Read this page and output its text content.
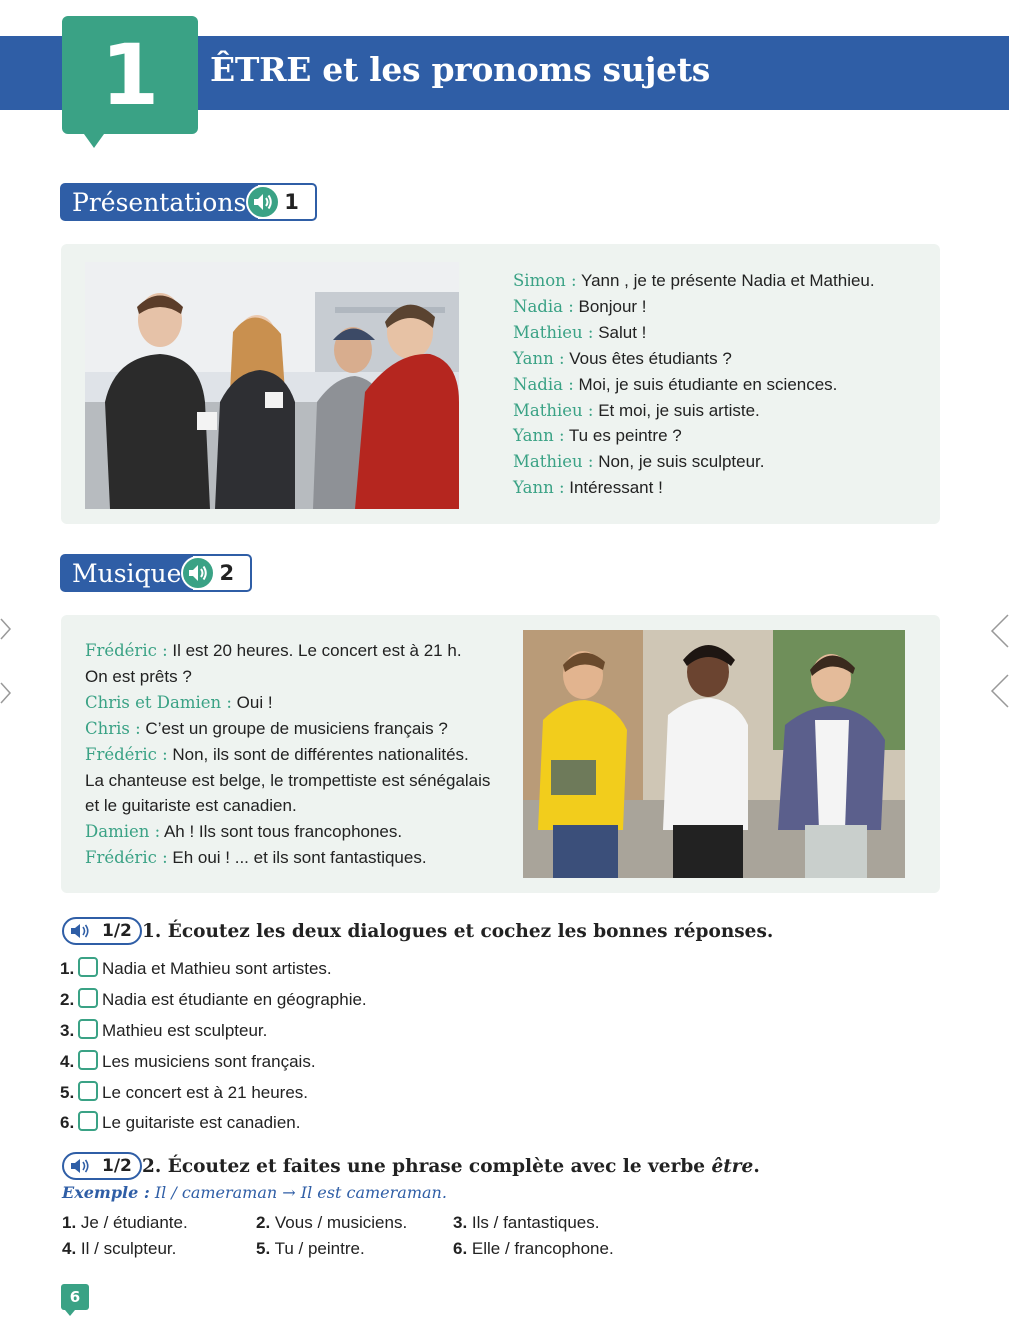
1	ÊTRE et les pronoms sujets
Présentations	1
Simon : Yann , je te présente Nadia et Mathieu.
Nadia : Bonjour !
Mathieu : Salut !
Yann : Vous êtes étudiants ?
Nadia : Moi, je suis étudiante en sciences.
Mathieu : Et moi, je suis artiste.
Yann : Tu es peintre ?
Mathieu : Non, je suis sculpteur.
Yann : Intéressant !
Musique	2
Frédéric : Il est 20 heures. Le concert est à 21 h.
On est prêts ?
Chris et Damien : Oui !
Chris : C’est un groupe de musiciens français ?
Frédéric : Non, ils sont de différentes nationalités.
La chanteuse est belge, le trompettiste est sénégalais
et le guitariste est canadien.
Damien : Ah ! Ils sont tous francophones.
Frédéric : Eh oui ! ... et ils sont fantastiques.
1/2 1. Écoutez les deux dialogues et cochez les bonnes réponses.
1. Nadia et Mathieu sont artistes.
2. Nadia est étudiante en géographie.
3. Mathieu est sculpteur.
4. Les musiciens sont français.
5. Le concert est à 21 heures.
6. Le guitariste est canadien.
1/2 2. Écoutez et faites une phrase complète avec le verbe être.
Exemple : Il / cameraman → Il est cameraman.
1. Je / étudiante.	2. Vous / musiciens.	3. Ils / fantastiques.
4. Il / sculpteur.	5. Tu / peintre.	6. Elle / francophone.
6
